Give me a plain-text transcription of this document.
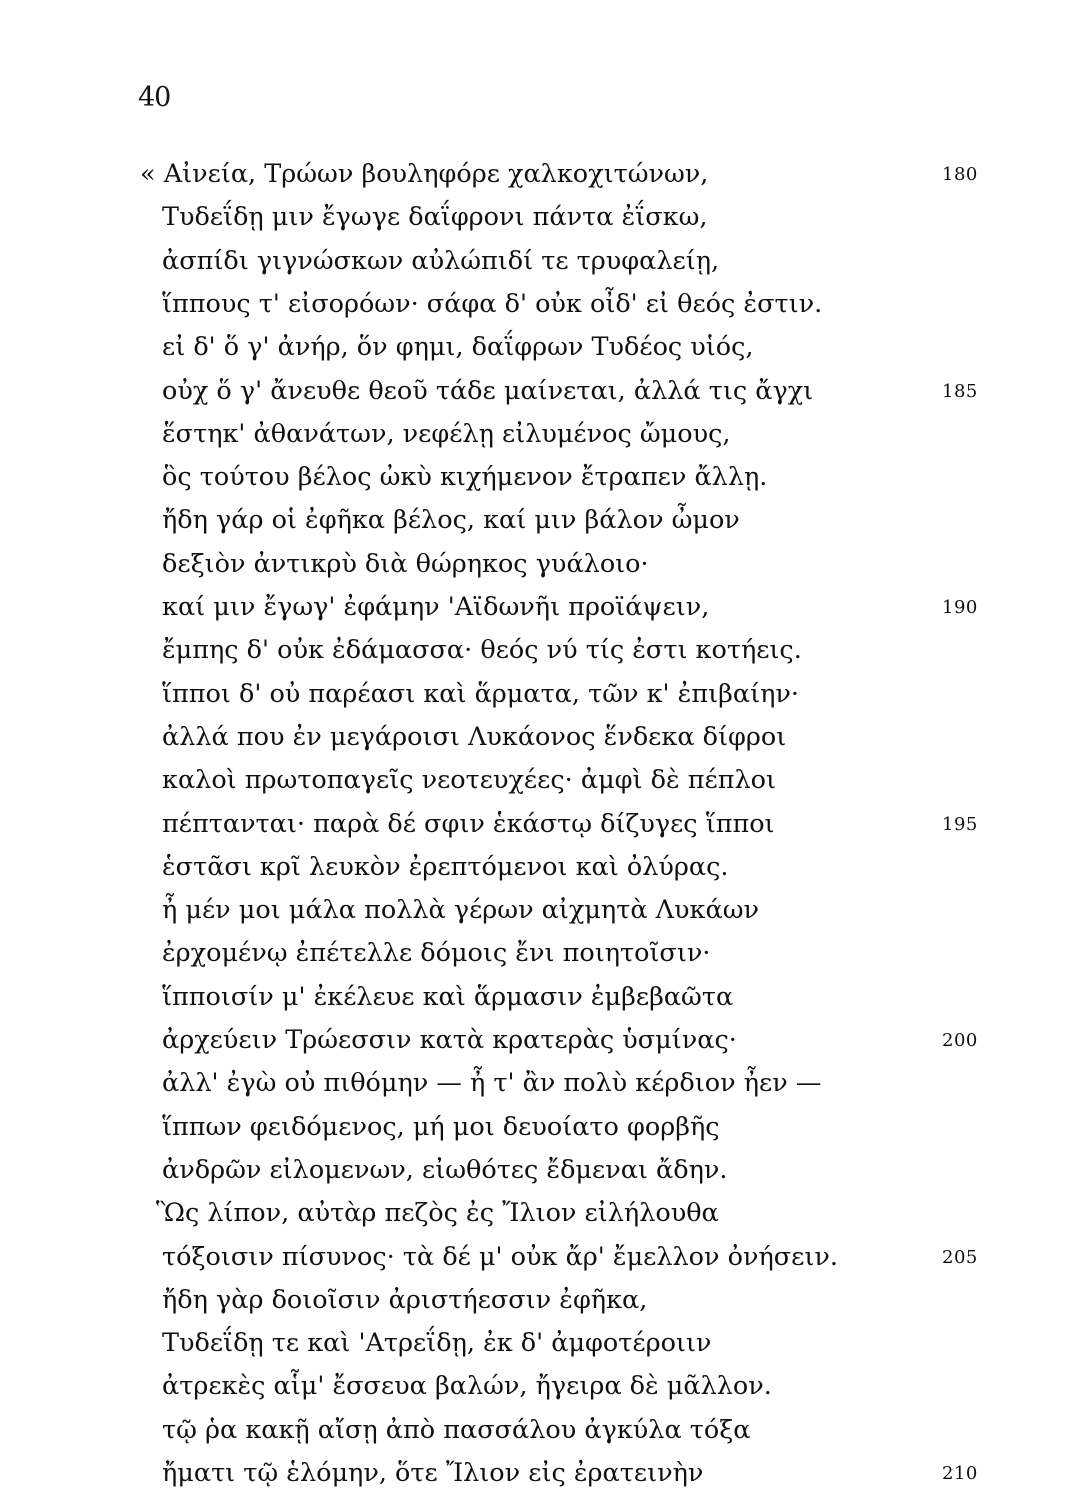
40
« Αἰνεία, Τρώων βουληφόρε χαλκοχιτώνων,	180
Τυδεΐδῃ μιν ἔγωγε δαΐφρονι πάντα ἐΐσκω,
ἀσπίδι γιγνώσκων αὐλώπιδί τε τρυφαλείῃ,
ἵππους τ' εἰσορόων· σάφα δ' οὐκ οἶδ' εἰ θεός ἐστιν.
εἰ δ' ὅ γ' ἀνήρ, ὅν φημι, δαΐφρων Τυδέος υἱός,
οὐχ ὅ γ' ἄνευθε θεοῦ τάδε μαίνεται, ἀλλά τις ἄγχι	185
ἕστηκ' ἀθανάτων, νεφέλῃ εἰλυμένος ὤμους,
ὃς τούτου βέλος ὠκὺ κιχήμενον ἔτραπεν ἄλλῃ.
ἤδη γάρ οἱ ἐφῆκα βέλος, καί μιν βάλον ὦμον
δεξιὸν ἀντικρὺ διὰ θώρηκος γυάλοιο·
καί μιν ἔγωγ' ἐφάμην 'Αϊδωνῆι προϊάψειν,	190
ἔμπης δ' οὐκ ἐδάμασσα· θεός νύ τίς ἐστι κοτήεις.
ἵπποι δ' οὐ παρέασι καὶ ἅρματα, τῶν κ' ἐπιβαίην·
ἀλλά που ἐν μεγάροισι Λυκάονος ἕνδεκα δίφροι
καλοὶ πρωτοπαγεῖς νεοτευχέες· ἀμφὶ δὲ πέπλοι
πέπτανται· παρὰ δέ σφιν ἑκάστῳ δίζυγες ἵπποι	195
ἑστᾶσι κρῖ λευκὸν ἐρεπτόμενοι καὶ ὀλύρας.
ἦ μέν μοι μάλα πολλὰ γέρων αἰχμητὰ Λυκάων
ἐρχομένῳ ἐπέτελλε δόμοις ἔνι ποιητοῖσιν·
ἵπποισίν μ' ἐκέλευε καὶ ἅρμασιν ἐμβεβαῶτα
ἀρχεύειν Τρώεσσιν κατὰ κρατερὰς ὑσμίνας·	200
ἀλλ' ἐγὼ οὐ πιθόμην — ἦ τ' ἂν πολὺ κέρδιον ἦεν —
ἵππων φειδόμενος, μή μοι δευοίατο φορβῆς
ἀνδρῶν εἰλομενων, εἰωθότες ἔδμεναι ἄδην.
Ὣς λίπον, αὐτὰρ πεζὸς ἐς Ἴλιον εἰλήλουθα
τόξοισιν πίσυνος· τὰ δέ μ' οὐκ ἄρ' ἔμελλον ὀνήσειν.	205
ἤδη γὰρ δοιοῖσιν ἀριστήεσσιν ἐφῆκα,
Τυδεΐδῃ τε καὶ 'Ατρεΐδῃ, ἐκ δ' ἀμφοτέροιιν
ἀτρεκὲς αἷμ' ἔσσευα βαλών, ἤγειρα δὲ μᾶλλον.
τῷ ῥα κακῇ αἴσῃ ἀπὸ πασσάλου ἀγκύλα τόξα
ἤματι τῷ ἑλόμην, ὅτε Ἴλιον εἰς ἐρατεινὴν	210
